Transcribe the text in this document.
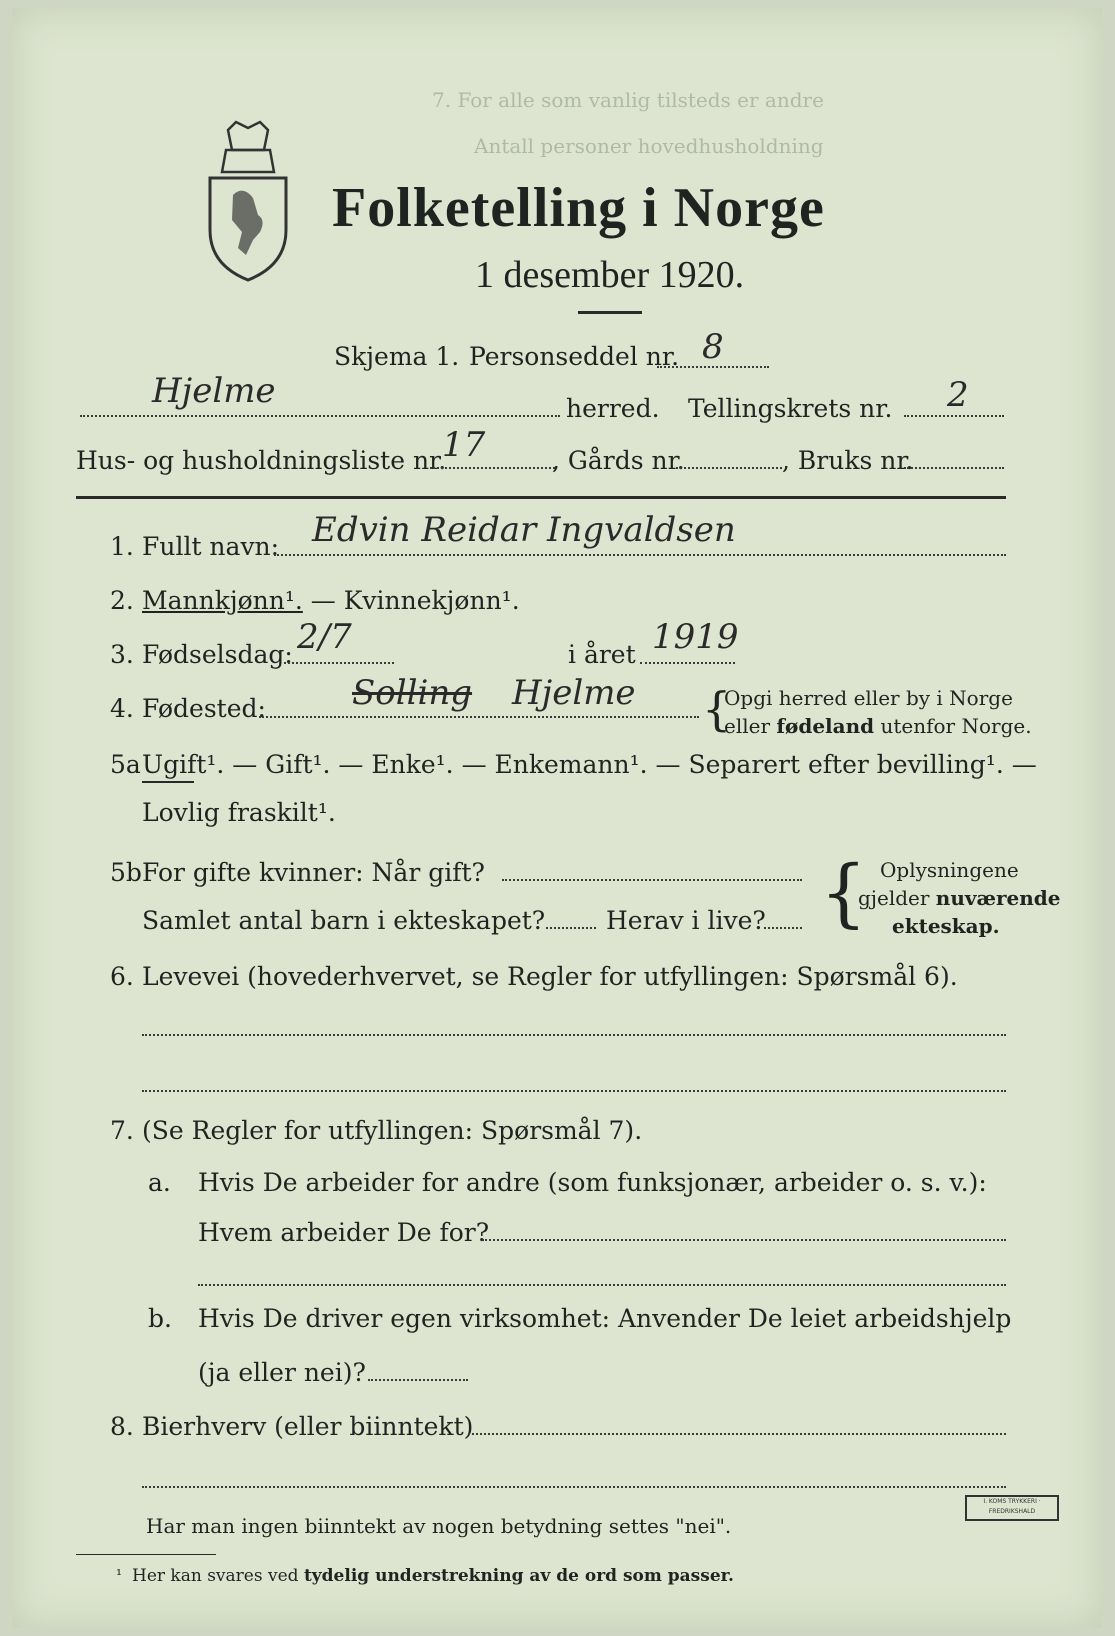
7. For alle som vanlig tilsteds er andre
Antall personer hovedhusholdning
Folketelling i Norge
1 desember 1920.
Skjema 1. Personseddel nr. 8
Hjelme	herred. Tellingskrets nr. 2
Hus- og husholdningsliste nr.
17	, Gårds nr.	, Bruks nr.
1. Fullt navn: Edvin Reidar Ingvaldsen
2. Mannkjønn¹. — Kvinnekjønn¹.
3. Fødselsdag: 2/7	i året 1919
4. Fødested:	Solling Hjelme {
Opgi herred eller by i Norge
eller fødeland utenfor Norge.
5a Ugift¹. — Gift¹. — Enke¹. — Enkemann¹. — Separert efter bevilling¹. —
Lovlig fraskilt¹.
5b For gifte kvinner: Når gift?
Samlet antal barn i ekteskapet? Herav i live? { Oplysningene
gjelder nuværende
ekteskap.
6. Levevei (hovederhvervet, se Regler for utfyllingen: Spørsmål 6).
7. (Se Regler for utfyllingen: Spørsmål 7).
a. Hvis De arbeider for andre (som funksjonær, arbeider o. s. v.):
Hvem arbeider De for?
b. Hvis De driver egen virksomhet: Anvender De leiet arbeidshjelp
(ja eller nei)?
8. Bierhverv (eller biinntekt)
Har man ingen biinntekt av nogen betydning settes "nei".
¹ Her kan svares ved tydelig understrekning av de ord som passer.
I. KOMS TRYKKERI · FREDRIKSHALD
